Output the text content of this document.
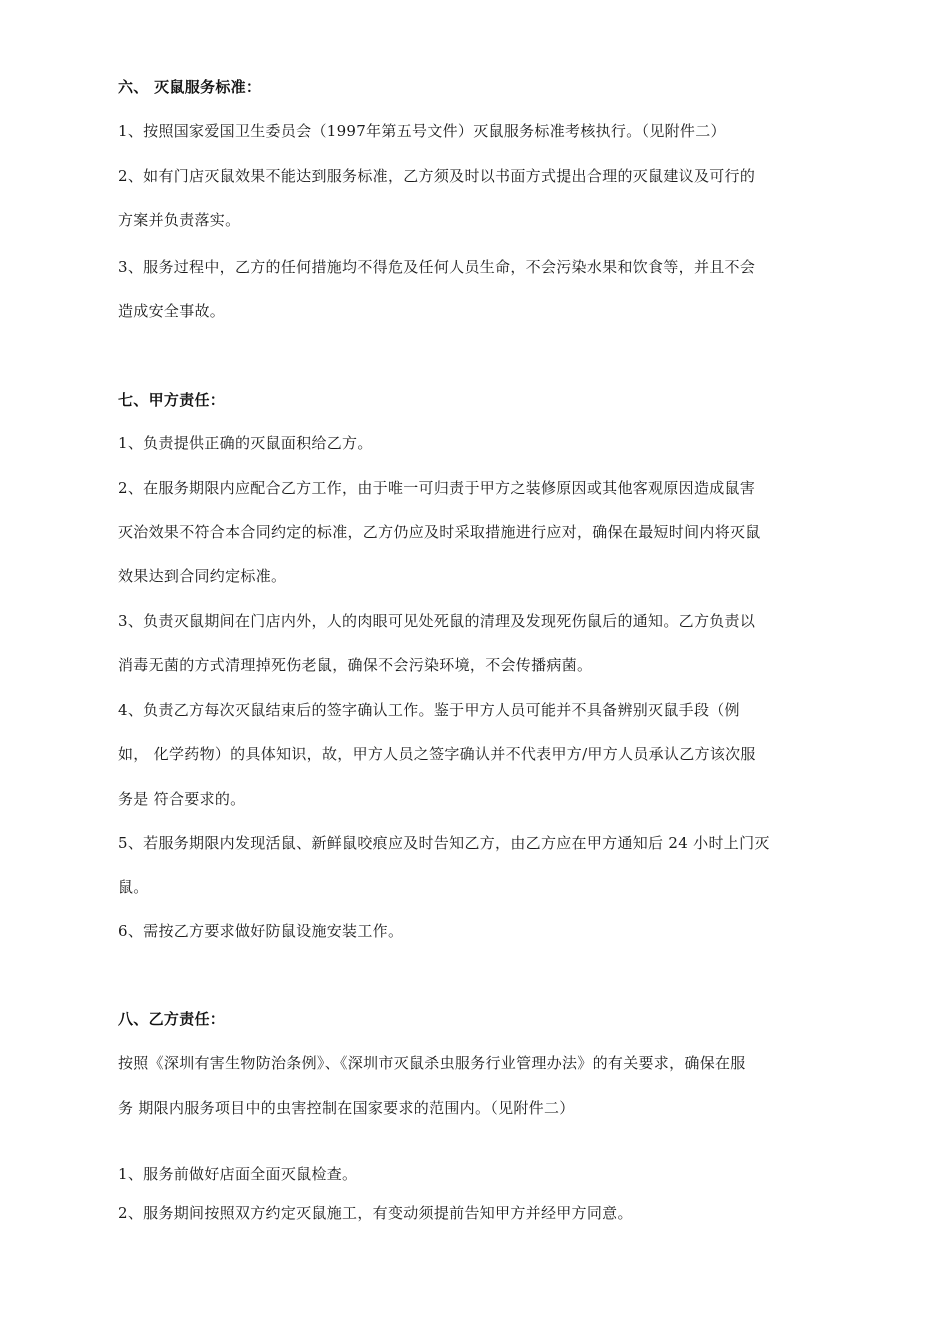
六、 灭鼠服务标准：
1、按照国家爱国卫生委员会（1997年第五号文件）灭鼠服务标准考核执行。（见附件二）
2、如有门店灭鼠效果不能达到服务标准，乙方须及时以书面方式提出合理的灭鼠建议及可行的
方案并负责落实。
3、服务过程中，乙方的任何措施均不得危及任何人员生命，不会污染水果和饮食等，并且不会
造成安全事故。
七、甲方责任：
1、负责提供正确的灭鼠面积给乙方。
2、在服务期限内应配合乙方工作，由于唯一可归责于甲方之装修原因或其他客观原因造成鼠害
灭治效果不符合本合同约定的标准，乙方仍应及时采取措施进行应对，确保在最短时间内将灭鼠
效果达到合同约定标准。
3、负责灭鼠期间在门店内外，人的肉眼可见处死鼠的清理及发现死伤鼠后的通知。乙方负责以
消毒无菌的方式清理掉死伤老鼠，确保不会污染环境，不会传播病菌。
4、负责乙方每次灭鼠结束后的签字确认工作。鉴于甲方人员可能并不具备辨别灭鼠手段（例
如， 化学药物）的具体知识，故，甲方人员之签字确认并不代表甲方/甲方人员承认乙方该次服
务是 符合要求的。
5、若服务期限内发现活鼠、新鲜鼠咬痕应及时告知乙方，由乙方应在甲方通知后 24 小时上门灭
鼠。
6、需按乙方要求做好防鼠设施安装工作。
八、乙方责任：
按照《深圳有害生物防治条例》、《深圳市灭鼠杀虫服务行业管理办法》的有关要求，确保在服
务 期限内服务项目中的虫害控制在国家要求的范围内。（见附件二）
1、服务前做好店面全面灭鼠检查。
2、服务期间按照双方约定灭鼠施工，有变动须提前告知甲方并经甲方同意。
